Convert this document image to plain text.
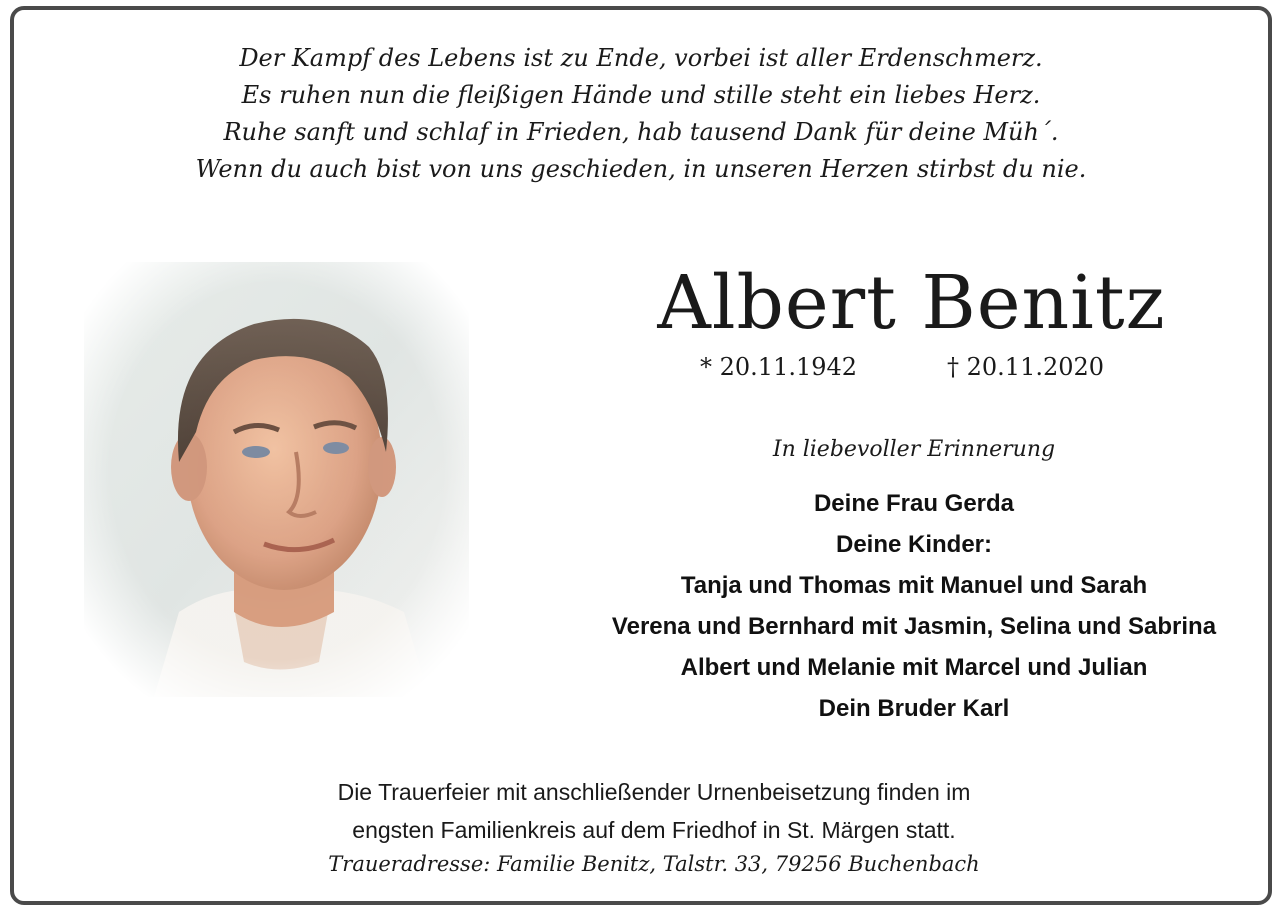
Der Kampf des Lebens ist zu Ende, vorbei ist aller Erdenschmerz.
Es ruhen nun die fleißigen Hände und stille steht ein liebes Herz.
Ruhe sanft und schlaf in Frieden, hab tausend Dank für deine Müh´.
Wenn du auch bist von uns geschieden, in unseren Herzen stirbst du nie.
Albert Benitz
* 20.11.1942	† 20.11.2020
In liebevoller Erinnerung
Deine Frau Gerda
Deine Kinder:
Tanja und Thomas mit Manuel und Sarah
Verena und Bernhard mit Jasmin, Selina und Sabrina
Albert und Melanie mit Marcel und Julian
Dein Bruder Karl
Die Trauerfeier mit anschließender Urnenbeisetzung finden im
engsten Familienkreis auf dem Friedhof in St. Märgen statt.
Traueradresse: Familie Benitz, Talstr. 33, 79256 Buchenbach
